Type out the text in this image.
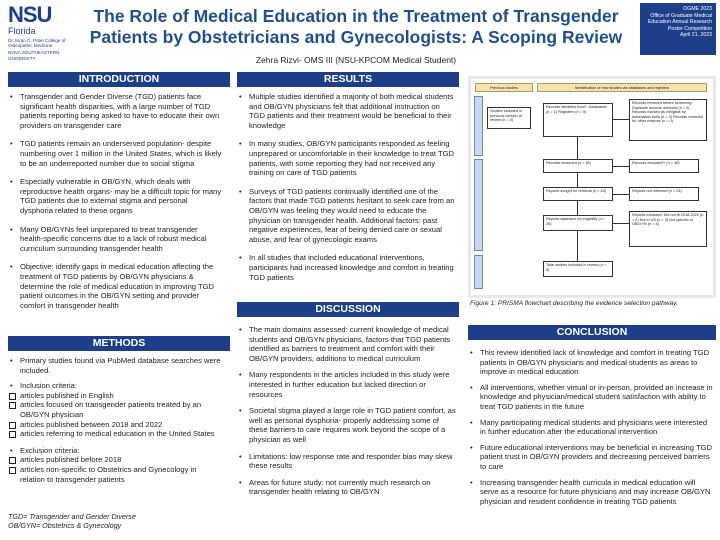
NSU
Florida
Dr. Kiran C. Patel College of Osteopathic Medicine
NOVA SOUTHEASTERN UNIVERSITY
The Role of Medical Education in the Treatment of Transgender Patients by Obstetricians and Gynecologists: A Scoping Review
Zehra Rizvi- OMS III (NSU-KPCOM Medical Student)
OGME 2023
Office of Graduate Medical
Education Annual Research
Poster Competition
April 21, 2023
INTRODUCTION
• Transgender and Gender Diverse (TGD) patients face significant health disparities, with a large number of TGD patients reporting being asked to have to educate their own providers on transgender care
• TGD patients remain an underserved population- despite numbering over 1 million in the United States, which is likely to be an underreported number due to social stigma
• Especially vulnerable in OB/GYN, which deals with reproductive health organs- may be a difficult topic for many TGD patients due to external stigma and personal dysphoria related to these organs
• Many OB/GYNs feel unprepared to treat transgender health-specific concerns due to a lack of robust medical curriculum surrounding transgender health
• Objective: identify gaps in medical education affecting the treatment of TGD patients by OB/GYN physicians & determine the role of medical education in improving TGD patient outcomes in the OB/GYN setting and provider comfort in transgender health
METHODS
• Primary studies found via PubMed database searches were included.
• Inclusion criteria:
articles published in English
articles focused on transgender patients treated by an OB/GYN physician
articles published between 2018 and 2022
articles referring to medical education in the United States
• Exclusion criteria:
articles published before 2018
articles non-specific to Obstetrics and Gynecology in relation to transgender patients
TGD= Transgender and Gender Diverse
OB/GYN= Obstetrics & Gynecology
RESULTS
• Multiple studies identified a majority of both medical students and OB/GYN physicians felt that additional instruction on TGD patients and their treatment would be beneficial to their knowledge
• In many studies, OB/GYN participants responded as feeling unprepared or uncomfortable in their knowledge to treat TGD patients, with some reporting they had not received any training on care of TGD patients
• Surveys of TGD patients continually identified one of the factors that made TGD patients hesitant to seek care from an OB/GYN was feeling they would need to educate the physician on transgender health. Additional factors: past negative experiences, fear of being denied care or sexual abuse, and fear of gynecologic exams
• In all studies that included educational interventions, participants had increased knowledge and comfort in treating TGD patients
DISCUSSION
• The main domains assessed: current knowledge of medical students and OB/GYN physicians, factors that TGD patients identified as barriers to treatment and comfort with their OB/GYN providers, additions to medical curriculum
• Many respondents in the articles included in this study were interested in further education but lacked direction or resources
• Societal stigma played a large role in TGD patient comfort, as well as personal dysphoria- properly addressing some of these barriers to care requires work beyond the scope of a physician as well
• Limitations: low response rate and responder bias may skew these results
• Areas for future study: not currently much research on transgender health relating to OB/GYN
Previous studies	Identification of new studies via databases and registers
Studies included in previous version of review (n = 0)
Records identified from*: Databases (n = 1) Registers (n = 0)
Records removed before screening: Duplicate records removed (n = 0) Records marked as ineligible by automation tools (n = 0) Records removed for other reasons (n = 0)
Records screened (n = 82)	Records excluded** (n = 38)
Reports sought for retrieval (n = 44)	Reports not retrieved (n = 24)
Reports assessed for eligibility (n = 20)
Reports excluded: Did not fit 2018-2022 (n = 4) Not in US (n = 3) Not specific to OB/GYN (n = 4)
Total studies included in review (n = 9)
Figure 1: PRISMA flowchart describing the evidence selection pathway.
CONCLUSION
• This review identified lack of knowledge and comfort in treating TGD patients in OB/GYN physicians and medical students as areas to improve in medical education
• All interventions, whether virtual or in-person, provided an increase in knowledge and physician/medical student satisfaction with ability to treat TGD patients in the future
• Many participating medical students and physicians were interested in further education after the educational intervention
• Future educational interventions may be beneficial in increasing TGD patient trust in OB/GYN providers and decreasing perceived barriers to care
• Increasing transgender health curricula in medical education will serve as a resource for future physicians and may increase OB/GYN physician and resident confidence in treating TGD patients
